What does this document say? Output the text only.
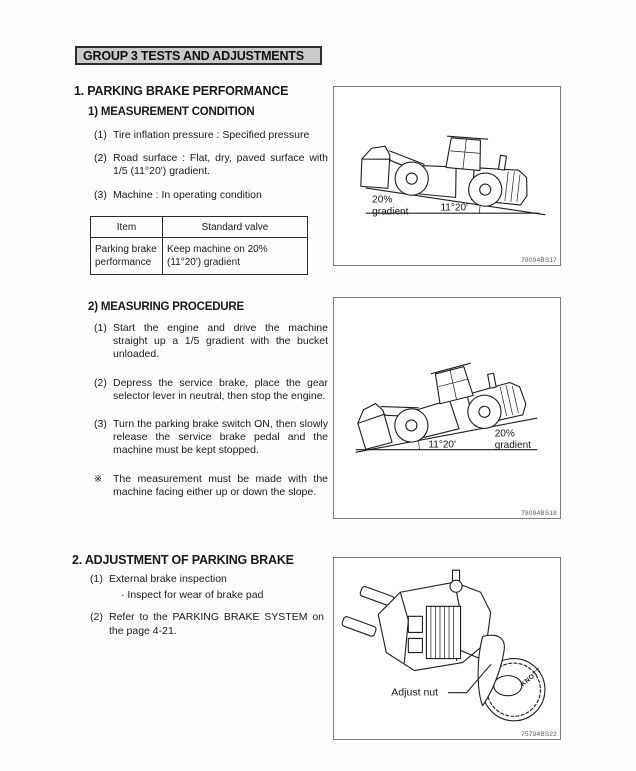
GROUP 3 TESTS AND ADJUSTMENTS
1. PARKING BRAKE PERFORMANCE
1) MEASUREMENT CONDITION
(1) Tire inflation pressure : Specified pressure
(2) Road surface : Flat, dry, paved surface with 1/5 (11°20') gradient.
(3) Machine : In operating condition
Item	Standard valve
Parking brake performance	Keep machine on 20% (11°20') gradient
20%
gradient	11°20'
78094BS17
2) MEASURING PROCEDURE
(1) Start the engine and drive the machine straight up a 1/5 gradient with the bucket unloaded.
(2) Depress the service brake, place the gear selector lever in neutral, then stop the engine.
(3) Turn the parking brake switch ON, then slowly release the service brake pedal and the machine must be kept stopped.
※	The measurement must be made with the machine facing either up or down the slope.
11°20'
20%
gradient
78094BS18
2. ADJUSTMENT OF PARKING BRAKE
(1) External brake inspection
· Inspect for wear of brake pad
(2) Refer to the PARKING BRAKE SYSTEM on the page 4-21.
Adjust nut
KNOTT
75794BS22
